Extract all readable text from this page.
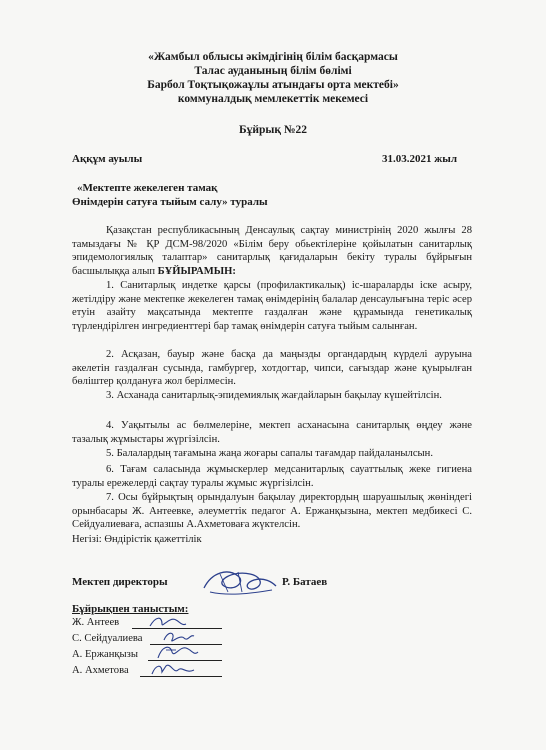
«Жамбыл облысы әкімдігінің білім басқармасы
Талас ауданының білім бөлімі
Барбол Тоқтықожаұлы атындағы орта мектебі»
коммуналдық мемлекеттік мекемесі
Бұйрық №22
Аққұм ауылы	31.03.2021 жыл
«Мектепте жекелеген тамақ
Өнімдерін сатуға тыйым салу» туралы
Қазақстан республикасының Денсаулық сақтау министрінің 2020 жылғы 28 тамыздағы № ҚР ДСМ-98/2020 «Білім беру обьектілеріне қойылатын санитарлық эпидемологиялық талаптар» санитарлық қағидаларын бекіту туралы бұйрығын басшылыққа алып БҰЙЫРАМЫН:
1. Санитарлық индетке қарсы (профилактикалық) іс-шараларды іске асыру, жетілдіру және мектепке жекелеген тамақ өнімдерінің балалар денсаулығына теріс әсер етуін азайту мақсатында мектепте газдалған және құрамында генетикалық түрлендірілген ингредиенттері бар тамақ өнімдерін сатуға тыйым салынған.
2. Асқазан, бауыр және басқа да маңызды органдардың күрделі ауруына әкелетін газдалған сусында, гамбургер, хотдогтар, чипси, сағыздар және қуырылған бөліштер қолдануға жол берілмесін.
3. Асханада санитарлық-эпидемиялық жағдайларын бақылау күшейтілсін.
4. Уақытылы ас бөлмелеріне, мектеп асханасына санитарлық өңдеу және тазалық жұмыстары жүргізілсін.
5. Балалардың тағамына жаңа жоғары сапалы тағамдар пайдаланылсын.
6. Тағам саласында жұмыскерлер медсанитарлық сауаттылық жеке гигиена туралы ережелерді сақтау туралы жұмыс жүргізілсін.
7. Осы бұйрықтың орындалуын бақылау директордың шаруашылық жөніндегі орынбасары Ж. Антеевке, әлеуметтік педагог А. Ержанқызына, мектеп медбикесі С. Сейдуалиеваға, аспазшы А.Ахметоваға жүктелсін.
Негізі: Өндірістік қажеттілік
Мектеп директоры	Р. Батаев
Бұйрықпен таныстым:
Ж. Антеев
С. Сейдуалиева
А. Ержанқызы
А. Ахметова
